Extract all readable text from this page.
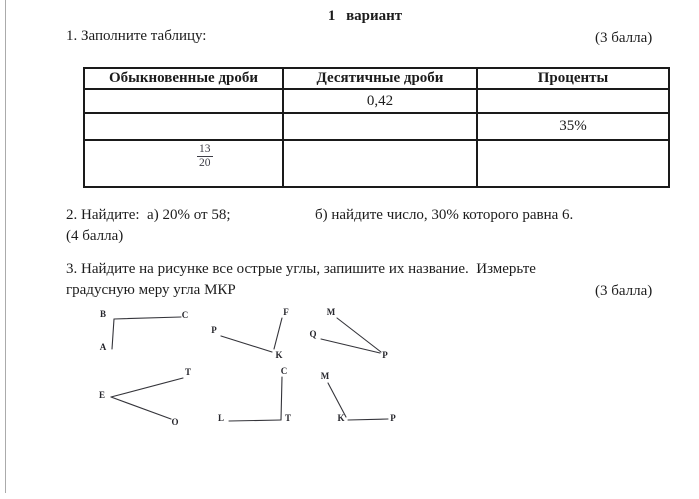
1 вариант
1. Заполните таблицу:	(3 балла)
Обыкновенные дроби	Десятичные дроби	Проценты
	0,42	
		35%

$\frac{13}{20}$

2. Найдите:  а) 20% от 58;	б) найдите число, 30% которого равна 6.
(4 балла)
3. Найдите на рисунке все острые углы, запишите их название.  Измерьте
градусную меру угла МКР	(3 балла)
B	C
A
P
F
K
M
Q
P
T
E
O
C
L	T
M
K	P
